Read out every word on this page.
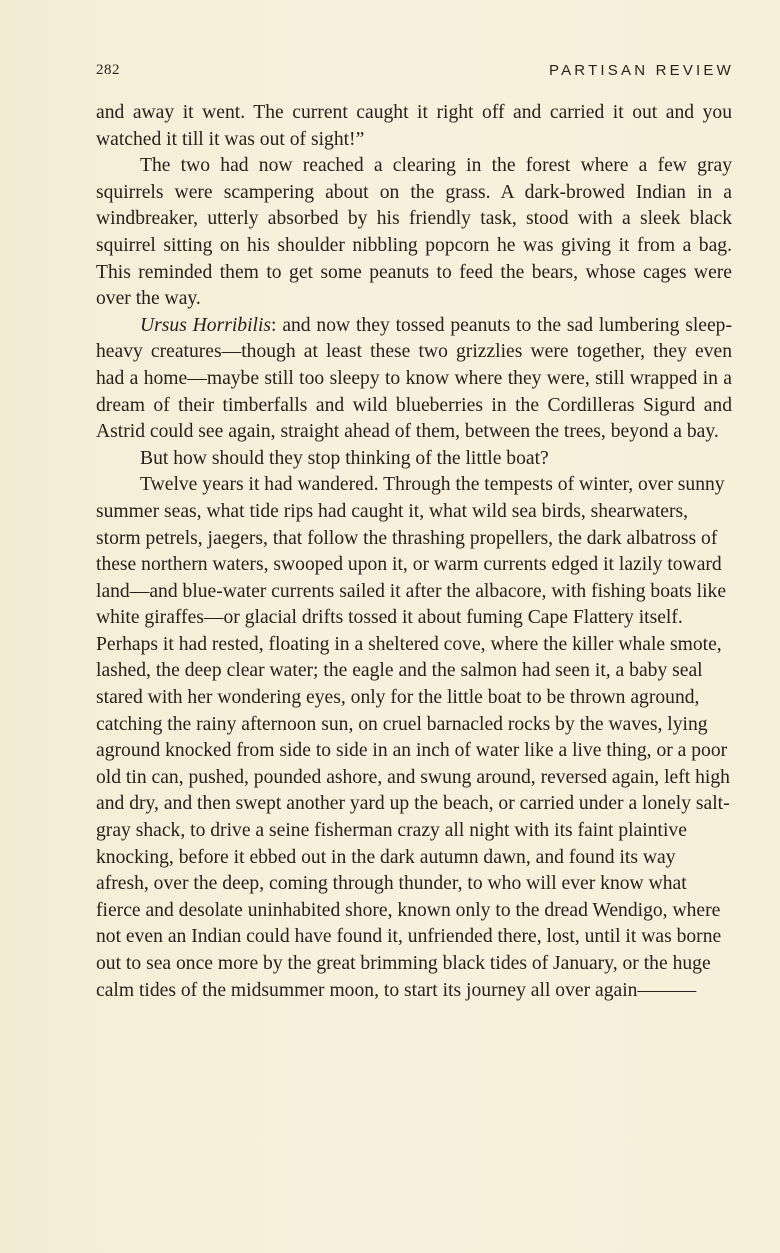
282	PARTISAN REVIEW

and away it went. The current caught it right off and carried it out and you watched it till it was out of sight!”

The two had now reached a clearing in the forest where a few gray squirrels were scampering about on the grass. A dark-browed Indian in a windbreaker, utterly absorbed by his friendly task, stood with a sleek black squirrel sitting on his shoulder nibbling popcorn he was giving it from a bag. This reminded them to get some peanuts to feed the bears, whose cages were over the way.

Ursus Horribilis: and now they tossed peanuts to the sad lumbering sleep-heavy creatures—though at least these two grizzlies were together, they even had a home—maybe still too sleepy to know where they were, still wrapped in a dream of their timberfalls and wild blueberries in the Cordilleras Sigurd and Astrid could see again, straight ahead of them, between the trees, beyond a bay.

But how should they stop thinking of the little boat?

Twelve years it had wandered. Through the tempests of winter, over sunny summer seas, what tide rips had caught it, what wild sea birds, shearwaters, storm petrels, jaegers, that follow the thrashing propellers, the dark albatross of these northern waters, swooped upon it, or warm currents edged it lazily toward land—and blue-water currents sailed it after the albacore, with fishing boats like white giraffes—or glacial drifts tossed it about fuming Cape Flattery itself. Perhaps it had rested, floating in a sheltered cove, where the killer whale smote, lashed, the deep clear water; the eagle and the salmon had seen it, a baby seal stared with her wondering eyes, only for the little boat to be thrown aground, catching the rainy afternoon sun, on cruel barnacled rocks by the waves, lying aground knocked from side to side in an inch of water like a live thing, or a poor old tin can, pushed, pounded ashore, and swung around, reversed again, left high and dry, and then swept another yard up the beach, or carried under a lonely salt-gray shack, to drive a seine fisherman crazy all night with its faint plaintive knocking, before it ebbed out in the dark autumn dawn, and found its way afresh, over the deep, coming through thunder, to who will ever know what fierce and desolate uninhabited shore, known only to the dread Wendigo, where not even an Indian could have found it, unfriended there, lost, until it was borne out to sea once more by the great brimming black tides of January, or the huge calm tides of the midsummer moon, to start its journey all over again———
